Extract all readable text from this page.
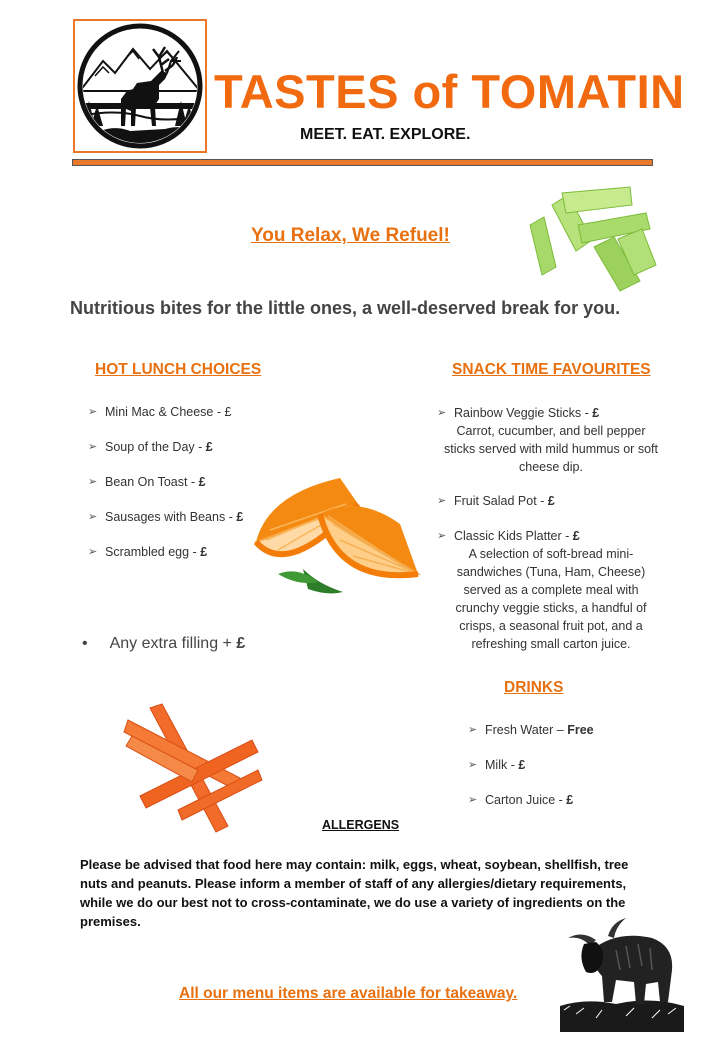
TASTES of TOMATIN
MEET. EAT. EXPLORE.
You Relax, We Refuel!
Nutritious bites for the little ones, a well-deserved break for you.
HOT LUNCH CHOICES
➢ Mini Mac & Cheese - £
➢ Soup of the Day - £
➢ Bean On Toast - £
➢ Sausages with Beans - £
➢ Scrambled egg - £
• Any extra filling + £
SNACK TIME FAVOURITES
➢ Rainbow Veggie Sticks - £
Carrot, cucumber, and bell pepper sticks served with mild hummus or soft cheese dip.
➢ Fruit Salad Pot - £
➢ Classic Kids Platter - £
A selection of soft-bread mini-sandwiches (Tuna, Ham, Cheese) served as a complete meal with crunchy veggie sticks, a handful of crisps, a seasonal fruit pot, and a refreshing small carton juice.
DRINKS
➢ Fresh Water – Free
➢ Milk - £
➢ Carton Juice - £
ALLERGENS
Please be advised that food here may contain: milk, eggs, wheat, soybean, shellfish, tree nuts and peanuts. Please inform a member of staff of any allergies/dietary requirements, while we do our best not to cross-contaminate, we do use a variety of ingredients on the premises.
All our menu items are available for takeaway.
